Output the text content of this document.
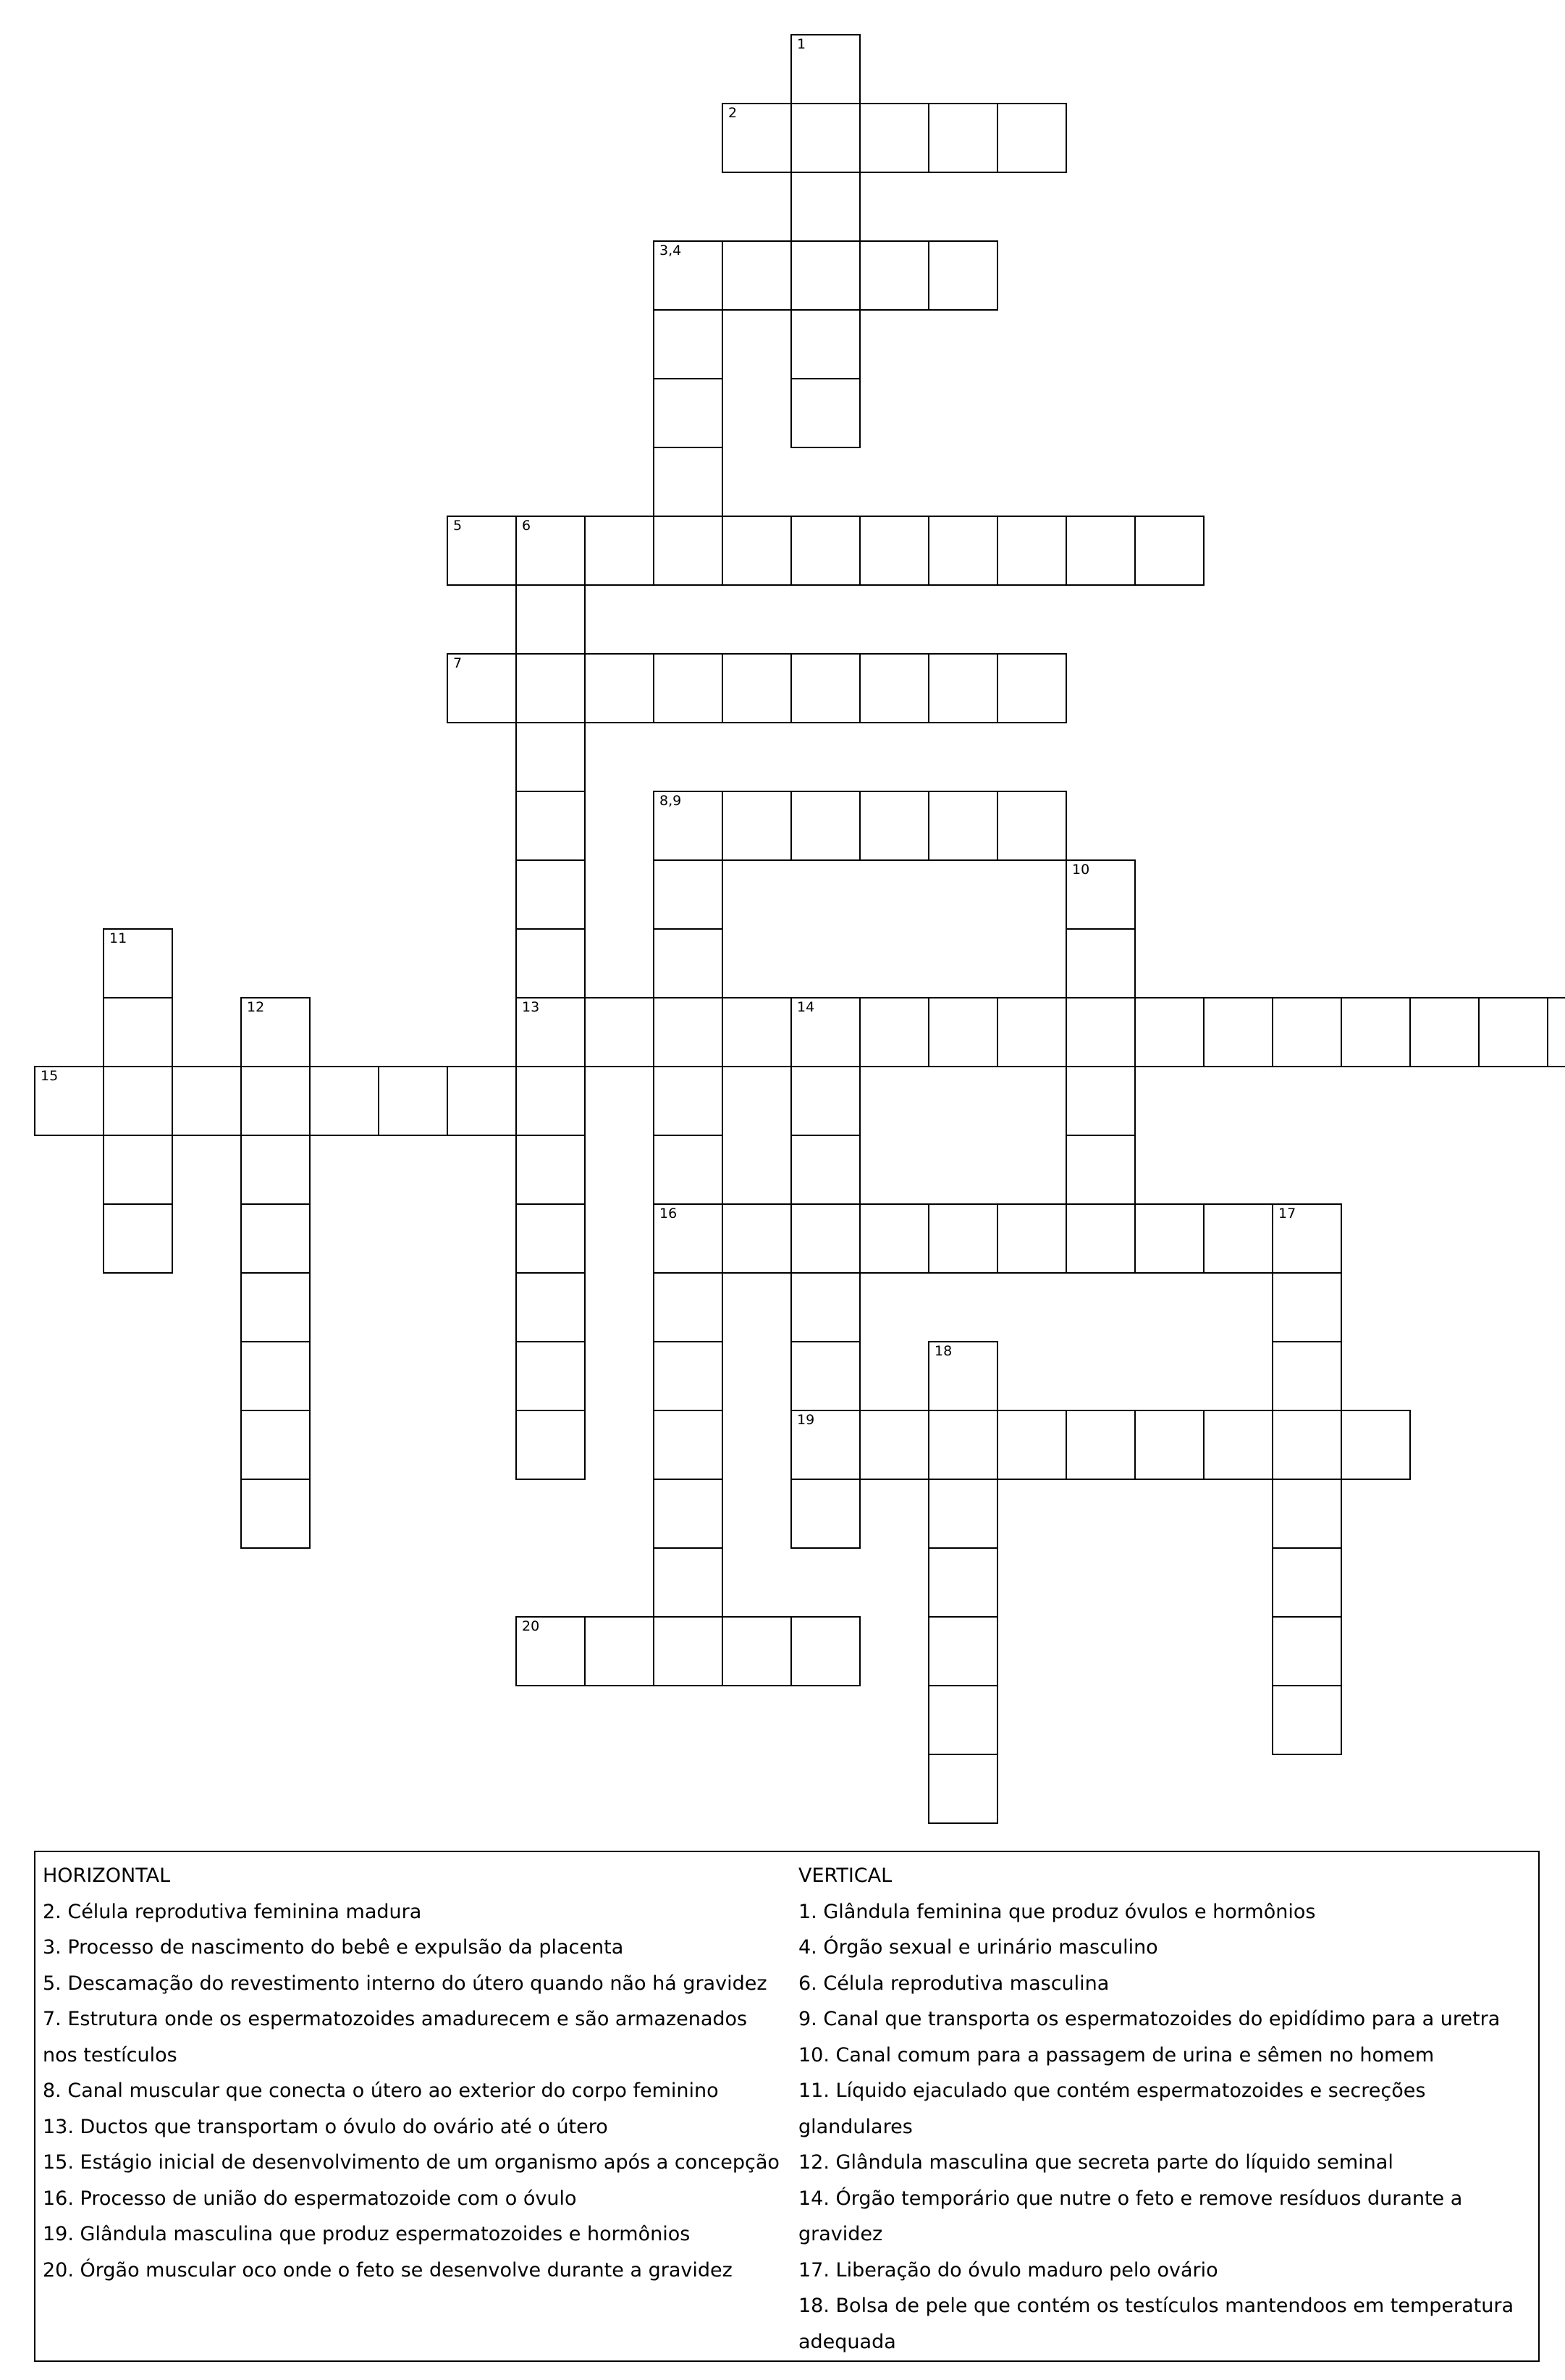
1
2
3,4
5	6
7
8,9
10
11
12	13	14
15
16	17
18
19
20
HORIZONTAL
2. Célula reprodutiva feminina madura
3. Processo de nascimento do bebê e expulsão da placenta
5. Descamação do revestimento interno do útero quando não há gravidez
7. Estrutura onde os espermatozoides amadurecem e são armazenados nos testículos
8. Canal muscular que conecta o útero ao exterior do corpo feminino
13. Ductos que transportam o óvulo do ovário até o útero
15. Estágio inicial de desenvolvimento de um organismo após a concepção
16. Processo de união do espermatozoide com o óvulo
19. Glândula masculina que produz espermatozoides e hormônios
20. Órgão muscular oco onde o feto se desenvolve durante a gravidez
VERTICAL
1. Glândula feminina que produz óvulos e hormônios
4. Órgão sexual e urinário masculino
6. Célula reprodutiva masculina
9. Canal que transporta os espermatozoides do epidídimo para a uretra
10. Canal comum para a passagem de urina e sêmen no homem
11. Líquido ejaculado que contém espermatozoides e secreções glandulares
12. Glândula masculina que secreta parte do líquido seminal
14. Órgão temporário que nutre o feto e remove resíduos durante a gravidez
17. Liberação do óvulo maduro pelo ovário
18. Bolsa de pele que contém os testículos mantendoos em temperatura adequada
